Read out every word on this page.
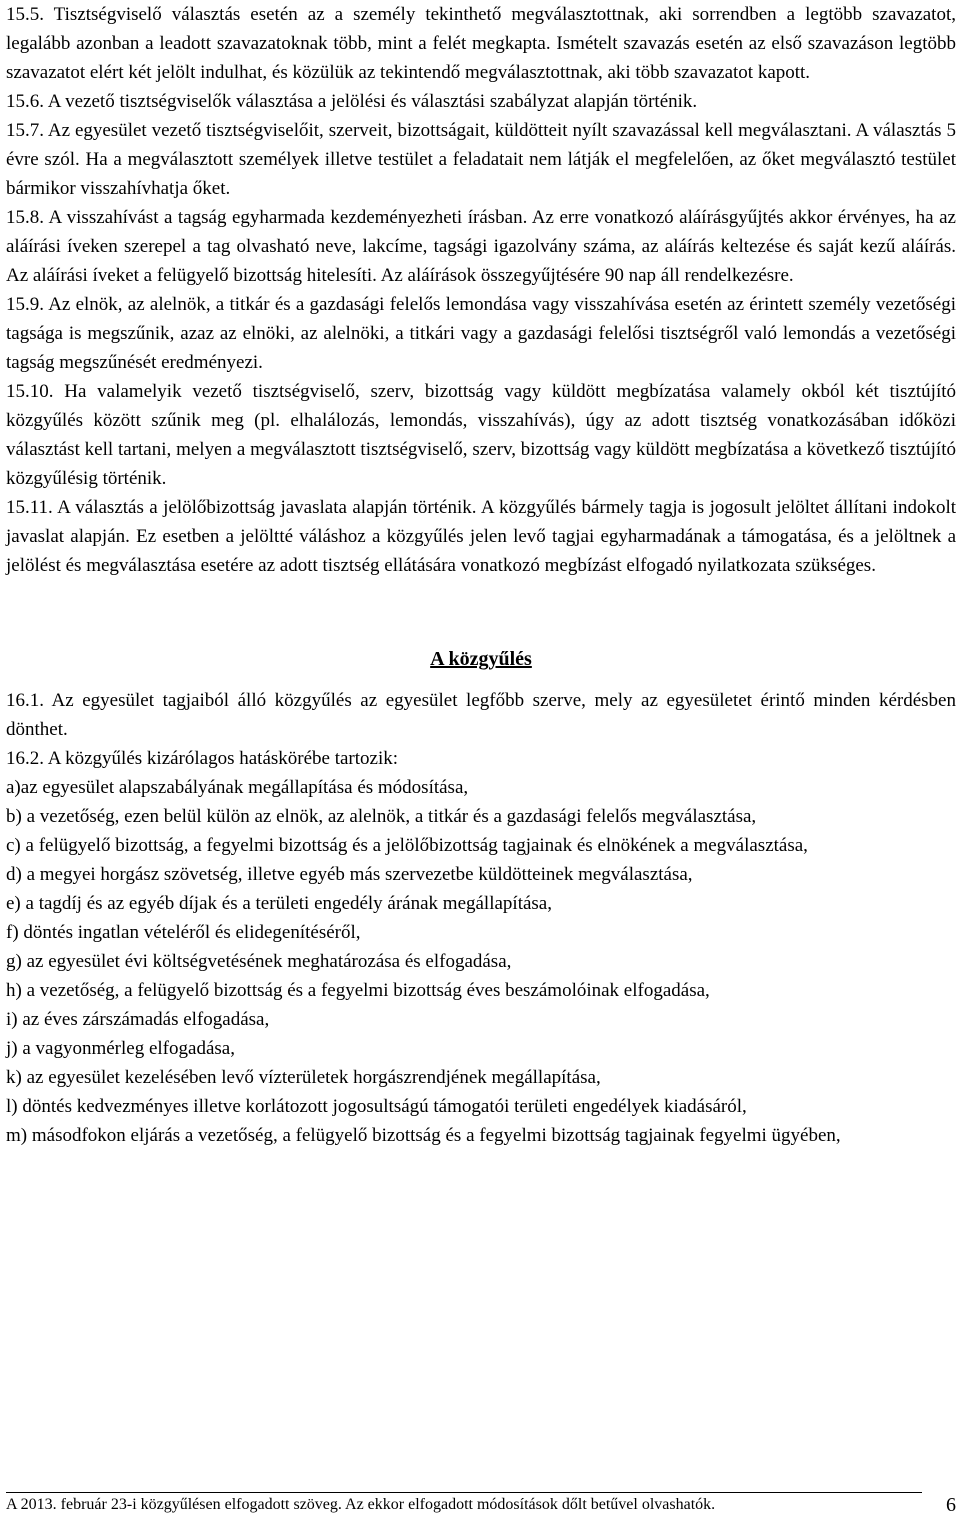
15.5. Tisztségviselő választás esetén az a személy tekinthető megválasztottnak, aki sorrendben a legtöbb szavazatot, legalább azonban a leadott szavazatoknak több, mint a felét megkapta. Ismételt szavazás esetén az első szavazáson legtöbb szavazatot elért két jelölt indulhat, és közülük az tekintendő megválasztottnak, aki több szavazatot kapott.

15.6. A vezető tisztségviselők választása a jelölési és választási szabályzat alapján történik.

15.7. Az egyesület vezető tisztségviselőit, szerveit, bizottságait, küldötteit nyílt szavazással kell megválasztani. A választás 5 évre szól. Ha a megválasztott személyek illetve testület a feladatait nem látják el megfelelően, az őket megválasztó testület bármikor visszahívhatja őket.

15.8. A visszahívást a tagság egyharmada kezdeményezheti írásban. Az erre vonatkozó aláírásgyűjtés akkor érvényes, ha az aláírási íveken szerepel a tag olvasható neve, lakcíme, tagsági igazolvány száma, az aláírás keltezése és saját kezű aláírás. Az aláírási íveket a felügyelő bizottság hitelesíti. Az aláírások összegyűjtésére 90 nap áll rendelkezésre.

15.9. Az elnök, az alelnök, a titkár és a gazdasági felelős lemondása vagy visszahívása esetén az érintett személy vezetőségi tagsága is megszűnik, azaz az elnöki, az alelnöki, a titkári vagy a gazdasági felelősi tisztségről való lemondás a vezetőségi tagság megszűnését eredményezi.

15.10. Ha valamelyik vezető tisztségviselő, szerv, bizottság vagy küldött megbízatása valamely okból két tisztújító közgyűlés között szűnik meg (pl. elhalálozás, lemondás, visszahívás), úgy az adott tisztség vonatkozásában időközi választást kell tartani, melyen a megválasztott tisztségviselő, szerv, bizottság vagy küldött megbízatása a következő tisztújító közgyűlésig történik.

15.11. A választás a jelölőbizottság javaslata alapján történik. A közgyűlés bármely tagja is jogosult jelöltet állítani indokolt javaslat alapján. Ez esetben a jelöltté váláshoz a közgyűlés jelen levő tagjai egyharmadának a támogatása, és a jelöltnek a jelölést és megválasztása esetére az adott tisztség ellátására vonatkozó megbízást elfogadó nyilatkozata szükséges.

A közgyűlés

16.1. Az egyesület tagjaiból álló közgyűlés az egyesület legfőbb szerve, mely az egyesületet érintő minden kérdésben dönthet.

16.2. A közgyűlés kizárólagos hatáskörébe tartozik:

a)az egyesület alapszabályának megállapítása és módosítása,

b) a vezetőség, ezen belül külön az elnök, az alelnök, a titkár és a gazdasági felelős megválasztása,

c) a felügyelő bizottság, a fegyelmi bizottság és a jelölőbizottság tagjainak és elnökének a megválasztása,

d) a megyei horgász szövetség, illetve egyéb más szervezetbe küldötteinek megválasztása,

e) a tagdíj és az egyéb díjak és a területi engedély árának megállapítása,

f) döntés ingatlan vételéről és elidegenítéséről,

g) az egyesület évi költségvetésének meghatározása és elfogadása,

h) a vezetőség, a felügyelő bizottság és a fegyelmi bizottság éves beszámolóinak elfogadása,

i) az éves zárszámadás elfogadása,

j) a vagyonmérleg elfogadása,

k) az egyesület kezelésében levő vízterületek horgászrendjének megállapítása,

l) döntés kedvezményes illetve korlátozott jogosultságú támogatói területi engedélyek kiadásáról,

m) másodfokon eljárás a vezetőség, a felügyelő bizottság és a fegyelmi bizottság tagjainak fegyelmi ügyében,

A 2013. február 23-i közgyűlésen elfogadott szöveg. Az ekkor elfogadott módosítások dőlt betűvel olvashatók.	6
